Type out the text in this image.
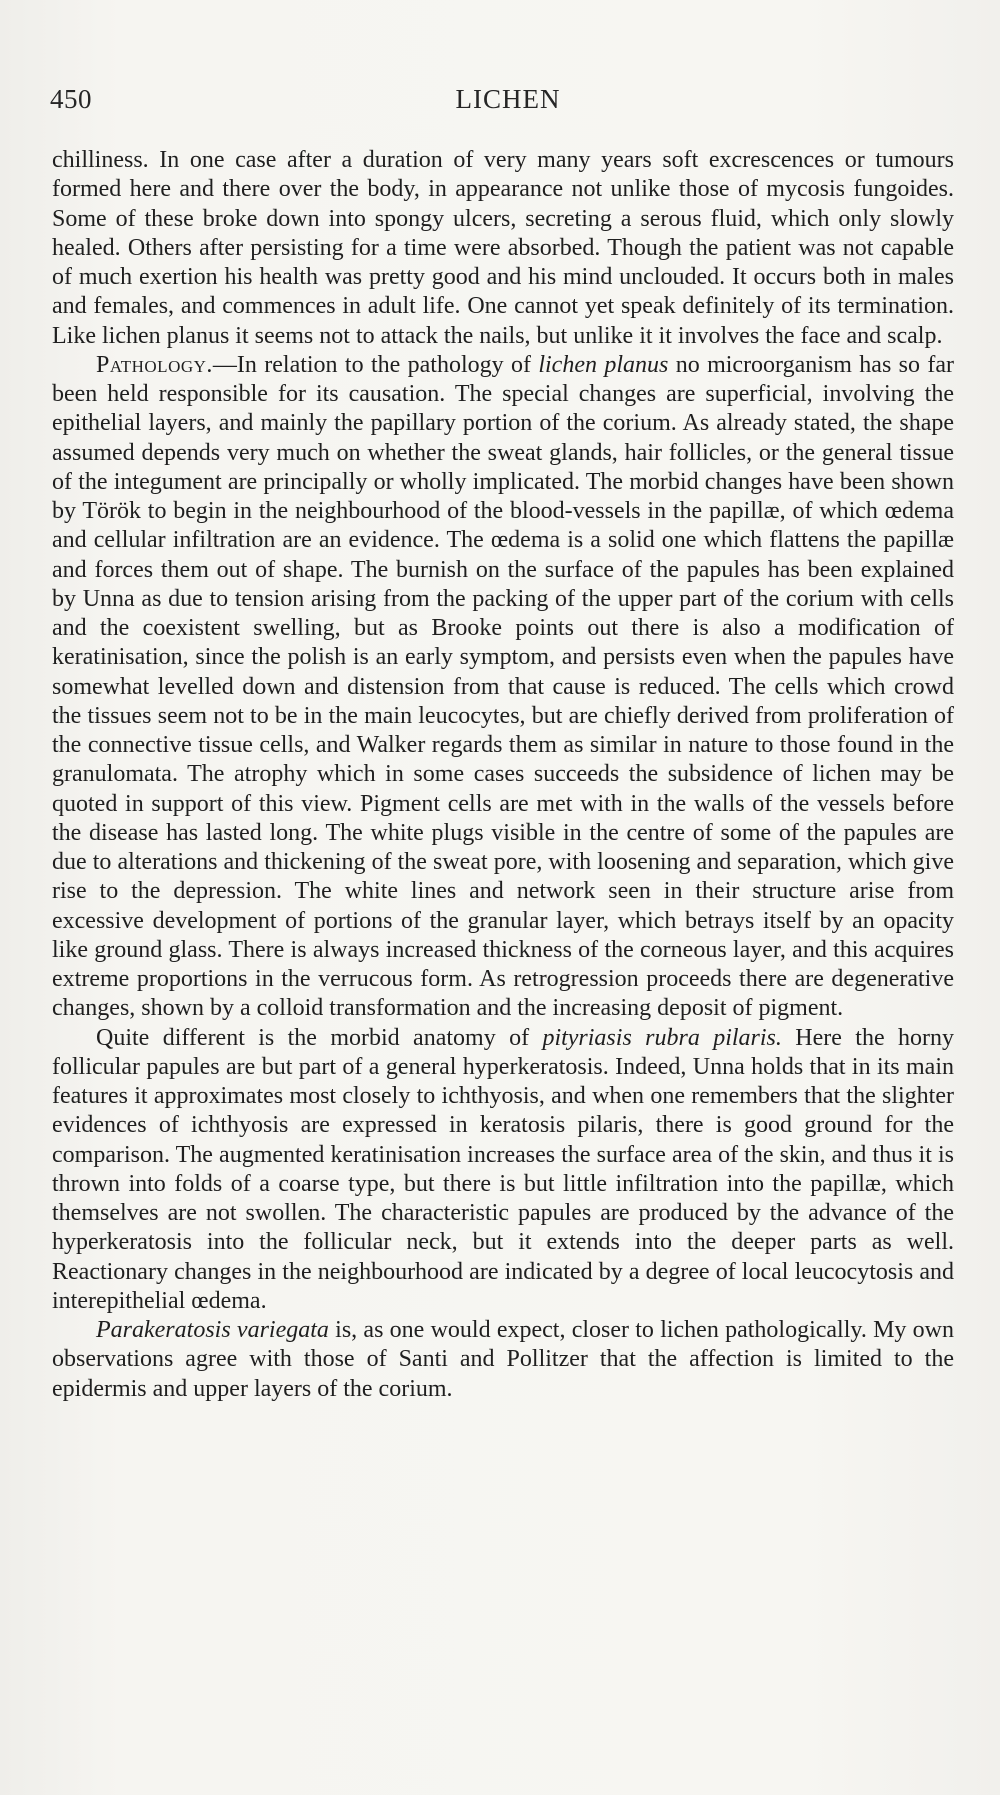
450	LICHEN

chilliness. In one case after a duration of very many years soft excrescences or tumours formed here and there over the body, in appearance not unlike those of mycosis fungoides. Some of these broke down into spongy ulcers, secreting a serous fluid, which only slowly healed. Others after persisting for a time were absorbed. Though the patient was not capable of much exertion his health was pretty good and his mind unclouded. It occurs both in males and females, and commences in adult life. One cannot yet speak definitely of its termination. Like lichen planus it seems not to attack the nails, but unlike it it involves the face and scalp.

Pathology.—In relation to the pathology of lichen planus no microorganism has so far been held responsible for its causation. The special changes are superficial, involving the epithelial layers, and mainly the papillary portion of the corium. As already stated, the shape assumed depends very much on whether the sweat glands, hair follicles, or the general tissue of the integument are principally or wholly implicated. The morbid changes have been shown by Török to begin in the neighbourhood of the blood-vessels in the papillæ, of which œdema and cellular infiltration are an evidence. The œdema is a solid one which flattens the papillæ and forces them out of shape. The burnish on the surface of the papules has been explained by Unna as due to tension arising from the packing of the upper part of the corium with cells and the coexistent swelling, but as Brooke points out there is also a modification of keratinisation, since the polish is an early symptom, and persists even when the papules have somewhat levelled down and distension from that cause is reduced. The cells which crowd the tissues seem not to be in the main leucocytes, but are chiefly derived from proliferation of the connective tissue cells, and Walker regards them as similar in nature to those found in the granulomata. The atrophy which in some cases succeeds the subsidence of lichen may be quoted in support of this view. Pigment cells are met with in the walls of the vessels before the disease has lasted long. The white plugs visible in the centre of some of the papules are due to alterations and thickening of the sweat pore, with loosening and separation, which give rise to the depression. The white lines and network seen in their structure arise from excessive development of portions of the granular layer, which betrays itself by an opacity like ground glass. There is always increased thickness of the corneous layer, and this acquires extreme proportions in the verrucous form. As retrogression proceeds there are degenerative changes, shown by a colloid transformation and the increasing deposit of pigment.

Quite different is the morbid anatomy of pityriasis rubra pilaris. Here the horny follicular papules are but part of a general hyperkeratosis. Indeed, Unna holds that in its main features it approximates most closely to ichthyosis, and when one remembers that the slighter evidences of ichthyosis are expressed in keratosis pilaris, there is good ground for the comparison. The augmented keratinisation increases the surface area of the skin, and thus it is thrown into folds of a coarse type, but there is but little infiltration into the papillæ, which themselves are not swollen. The characteristic papules are produced by the advance of the hyperkeratosis into the follicular neck, but it extends into the deeper parts as well. Reactionary changes in the neighbourhood are indicated by a degree of local leucocytosis and interepithelial œdema.

Parakeratosis variegata is, as one would expect, closer to lichen pathologically. My own observations agree with those of Santi and Pollitzer that the affection is limited to the epidermis and upper layers of the corium.
